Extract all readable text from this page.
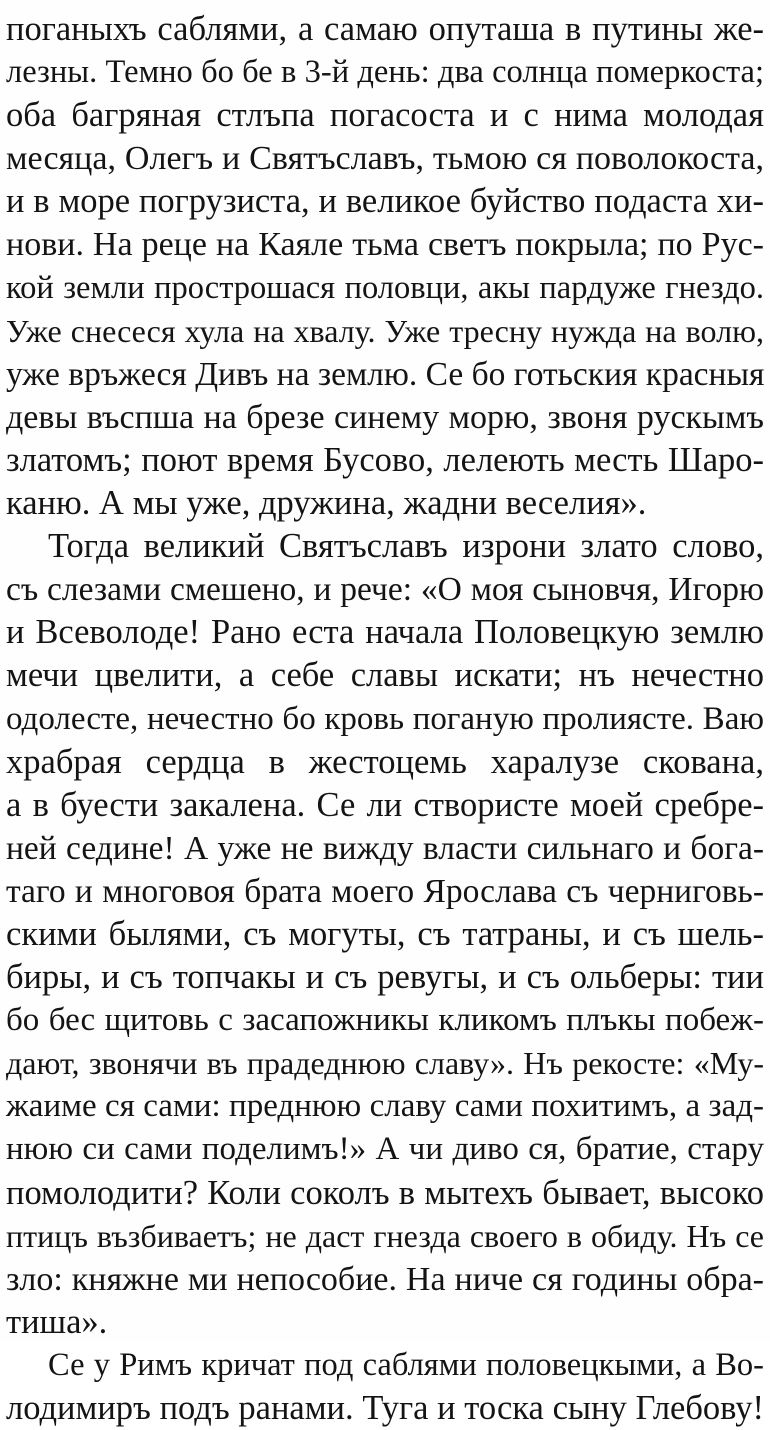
поганыхъ саблями, а самаю опуташа в путины же-
лезны. Темно бо бе в 3-й день: два солнца померкоста;
оба багряная стлъпа погасоста и с нима молодая
месяца, Олегъ и Святъславъ, тьмою ся поволокоста,
и в море погрузиста, и великое буйство подаста хи-
нови. На реце на Каяле тьма светъ покрыла; по Рус-
кой земли прострошася половци, акы пардуже гнездо.
Уже снесеся хула на хвалу. Уже тресну нужда на волю,
уже връжеся Дивъ на землю. Се бо готьския красныя
девы въспша на брезе синему морю, звоня рускымъ
златомъ; поют время Бусово, лелеють месть Шаро-
каню. А мы уже, дружина, жадни веселия».
Тогда великий Святъславъ изрони злато слово,
съ слезами смешено, и рече: «О моя сыновчя, Игорю
и Всеволоде! Рано еста начала Половецкую землю
мечи цвелити, а себе славы искати; нъ нечестно
одолесте, нечестно бо кровь поганую пролиясте. Ваю
храбрая сердца в жестоцемь харалузе скована,
а в буести закалена. Се ли створисте моей сребре-
ней седине! А уже не вижду власти сильнаго и бога-
таго и многовоя брата моего Ярослава съ черниговь-
скими былями, съ могуты, съ татраны, и съ шель-
биры, и съ топчакы и съ ревугы, и съ ольберы: тии
бо бес щитовь с засапожникы кликомъ плъкы побеж-
дают, звонячи въ прадеднюю славу». Нъ рекосте: «Му-
жаиме ся сами: преднюю славу сами похитимъ, а зад-
нюю си сами поделимъ!» А чи диво ся, братие, стару
помолодити? Коли соколъ в мытехъ бывает, высоко
птицъ възбиваетъ; не даст гнезда своего в обиду. Нъ се
зло: княжне ми непособие. На ниче ся годины обра-
тиша».
Се у Римъ кричат под саблями половецкыми, а Во-
лодимиръ подъ ранами. Туга и тоска сыну Глебову!
